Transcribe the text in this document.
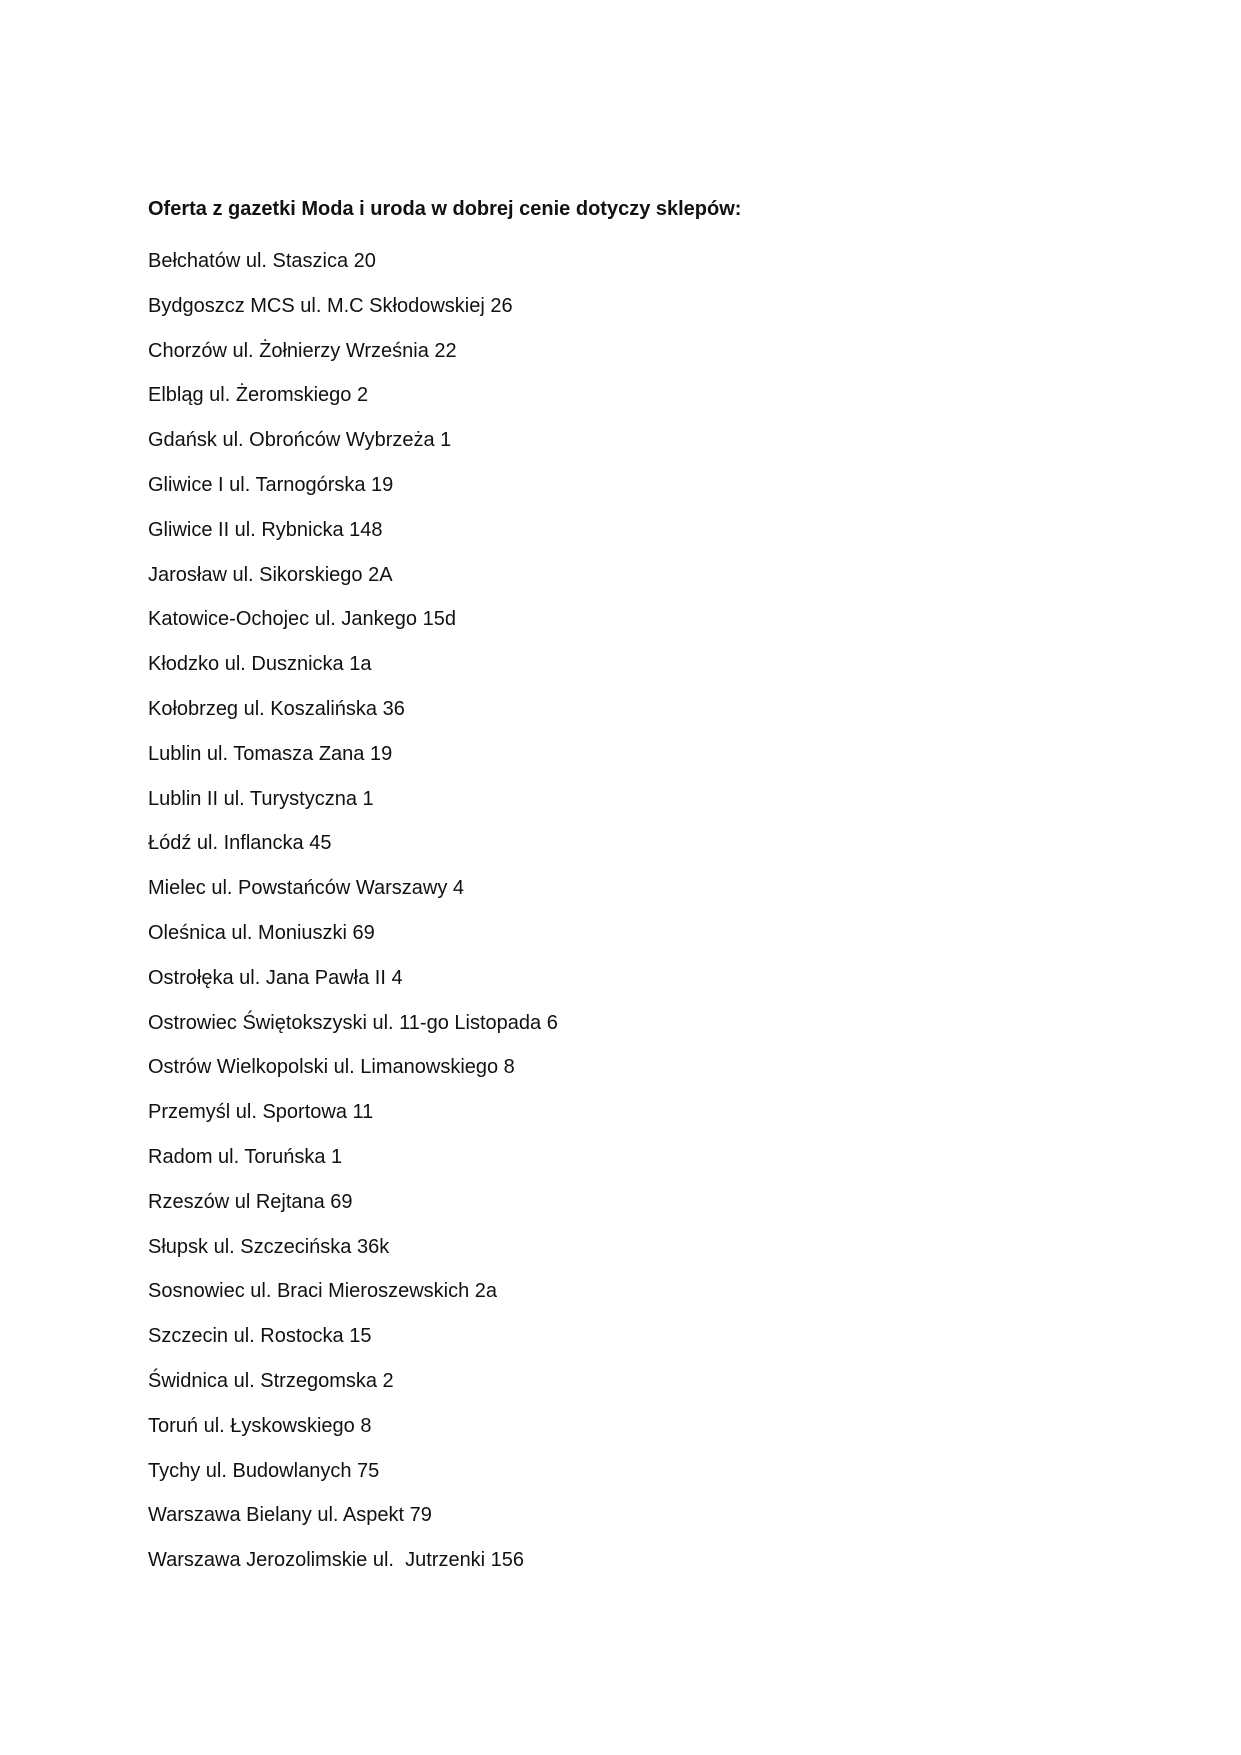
Oferta z gazetki Moda i uroda w dobrej cenie dotyczy sklepów:
Bełchatów ul. Staszica 20
Bydgoszcz MCS ul. M.C Skłodowskiej 26
Chorzów ul. Żołnierzy Września 22
Elbląg ul. Żeromskiego 2
Gdańsk ul. Obrońców Wybrzeża 1
Gliwice I ul. Tarnogórska 19
Gliwice II ul. Rybnicka 148
Jarosław ul. Sikorskiego 2A
Katowice-Ochojec ul. Jankego 15d
Kłodzko ul. Dusznicka 1a
Kołobrzeg ul. Koszalińska 36
Lublin ul. Tomasza Zana 19
Lublin II ul. Turystyczna 1
Łódź ul. Inflancka 45
Mielec ul. Powstańców Warszawy 4
Oleśnica ul. Moniuszki 69
Ostrołęka ul. Jana Pawła II 4
Ostrowiec Świętokszyski ul. 11-go Listopada 6
Ostrów Wielkopolski ul. Limanowskiego 8
Przemyśl ul. Sportowa 11
Radom ul. Toruńska 1
Rzeszów ul Rejtana 69
Słupsk ul. Szczecińska 36k
Sosnowiec ul. Braci Mieroszewskich 2a
Szczecin ul. Rostocka 15
Świdnica ul. Strzegomska 2
Toruń ul. Łyskowskiego 8
Tychy ul. Budowlanych 75
Warszawa Bielany ul. Aspekt 79
Warszawa Jerozolimskie ul.  Jutrzenki 156
